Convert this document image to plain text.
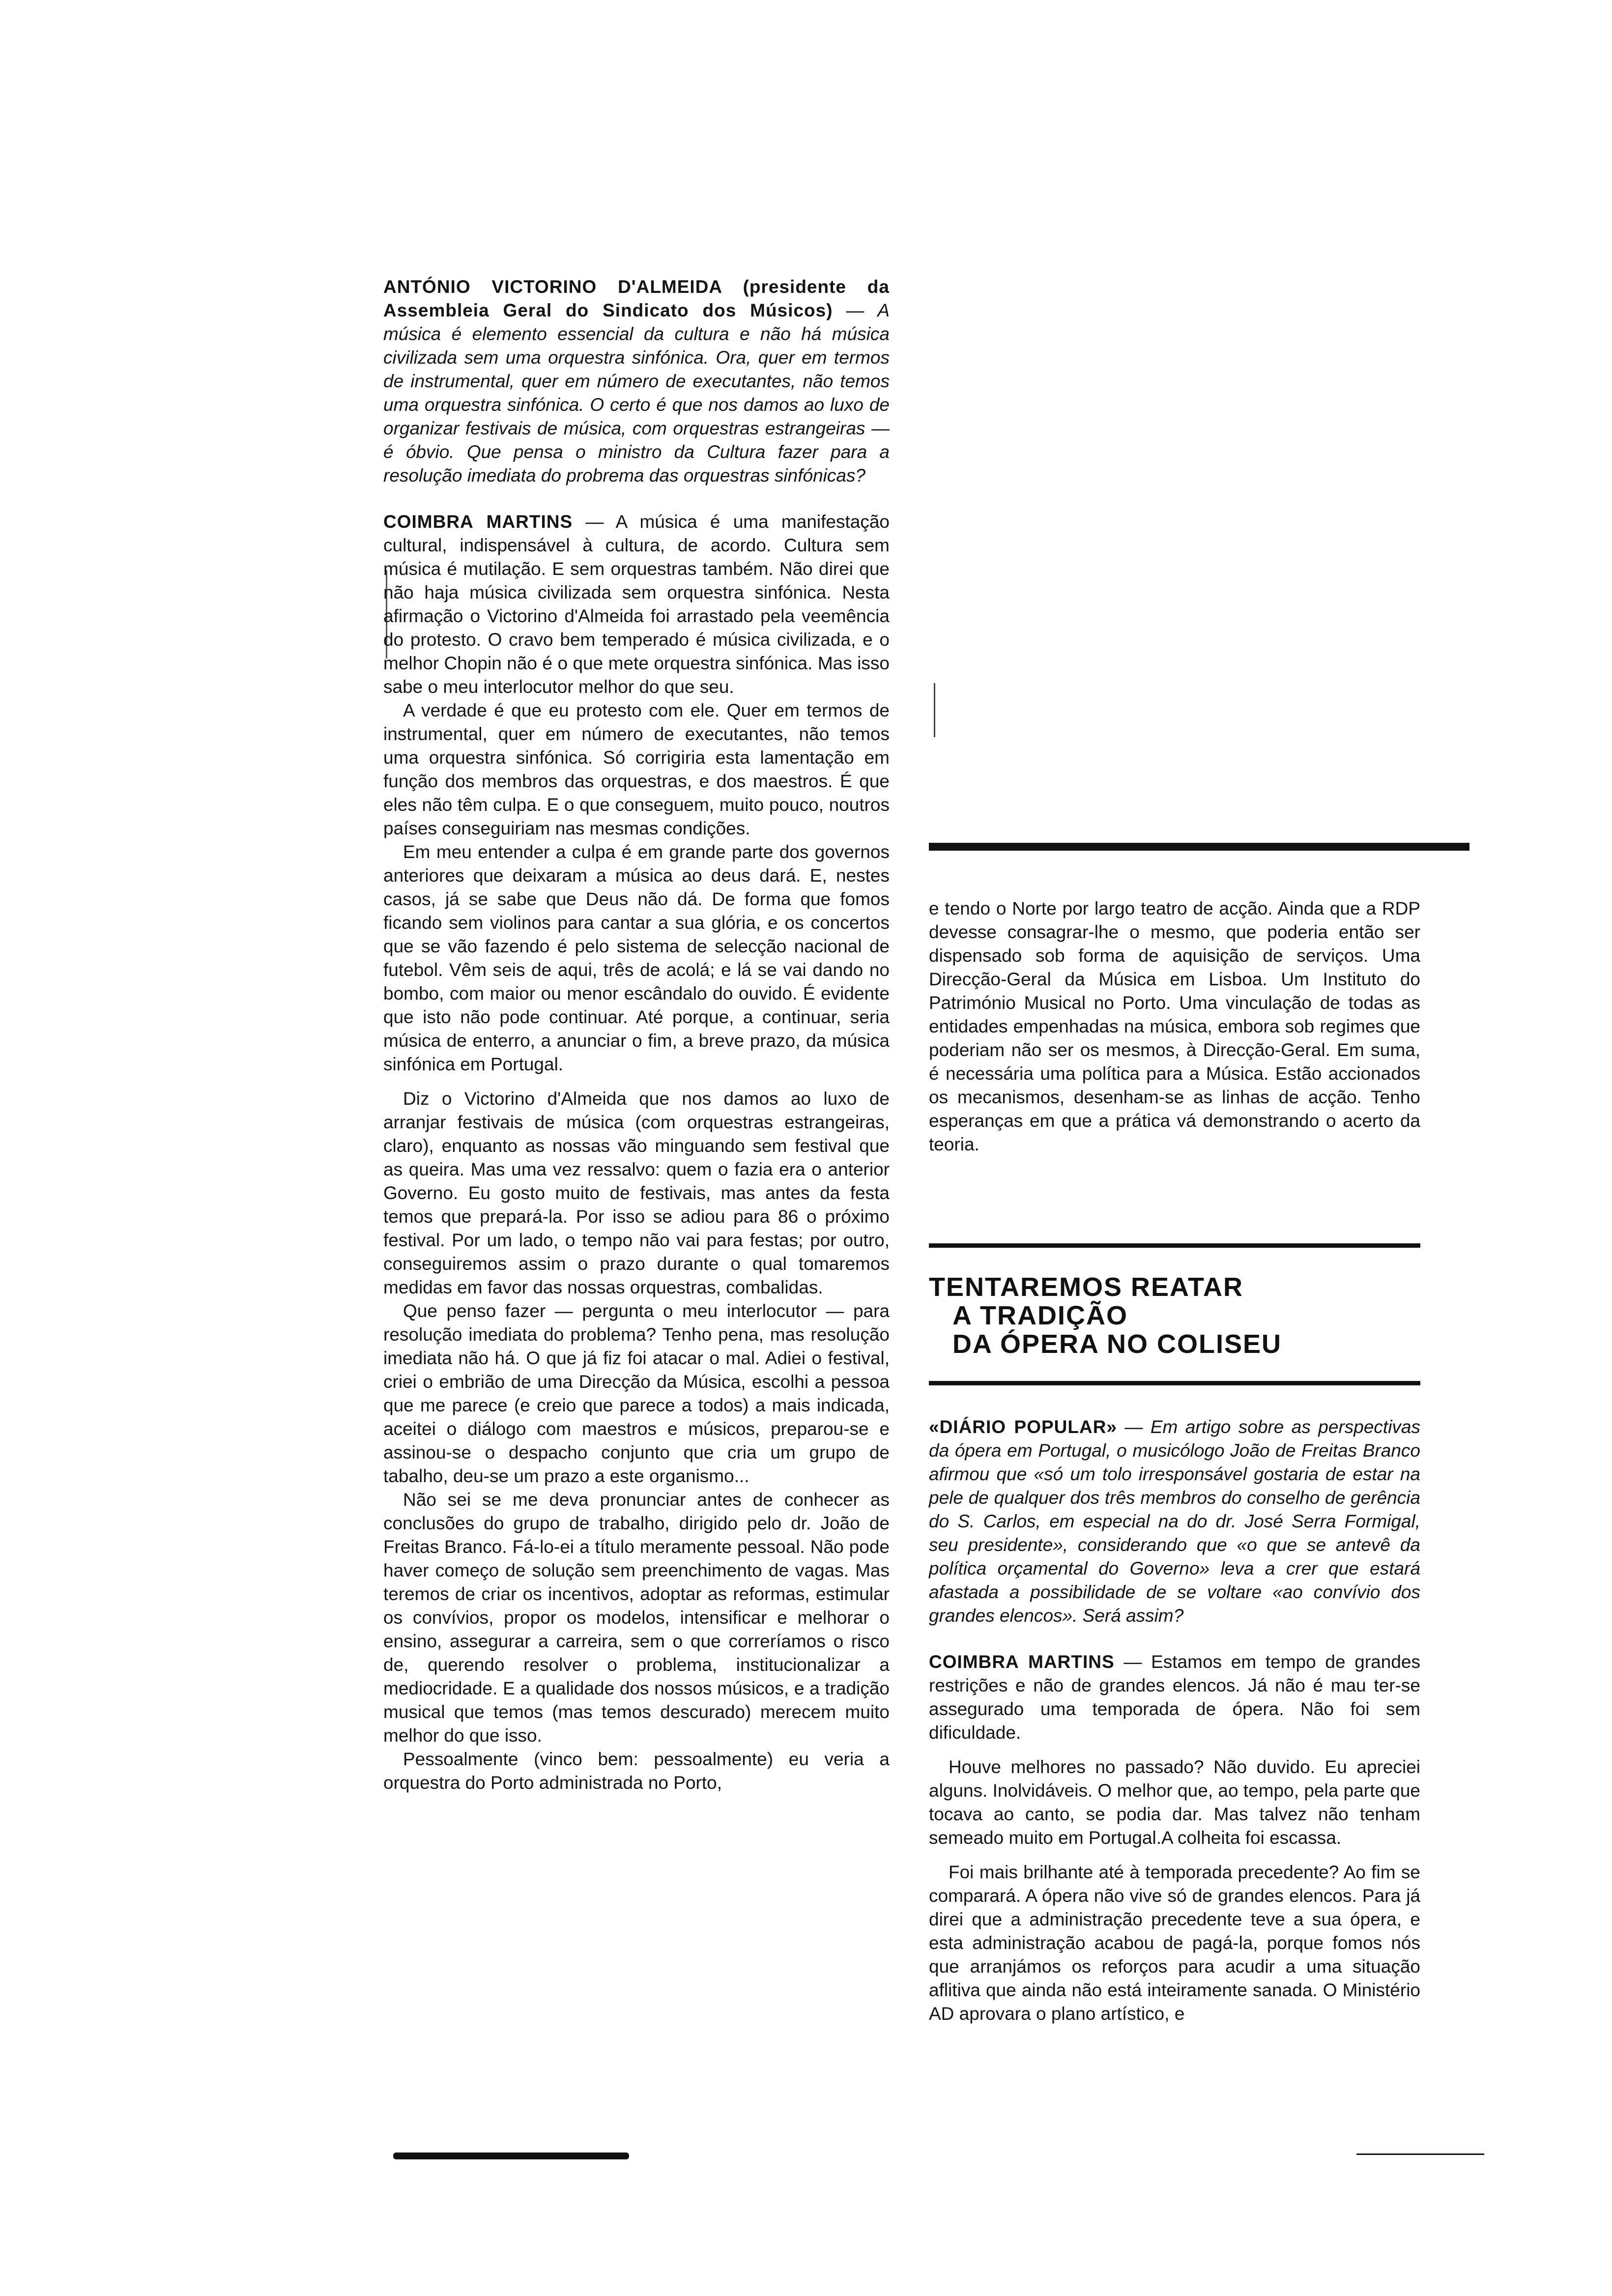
ANTÓNIO VICTORINO D'ALMEIDA (presidente da Assembleia Geral do Sindicato dos Músicos) — A música é elemento essencial da cultura e não há música civilizada sem uma orquestra sinfónica. Ora, quer em termos de instrumental, quer em número de executantes, não temos uma orquestra sinfónica. O certo é que nos damos ao luxo de organizar festivais de música, com orquestras estrangeiras — é óbvio. Que pensa o ministro da Cultura fazer para a resolução imediata do probrema das orquestras sinfónicas?

COIMBRA MARTINS — A música é uma manifestação cultural, indispensável à cultura, de acordo. Cultura sem música é mutilação. E sem orquestras também. Não direi que não haja música civilizada sem orquestra sinfónica. Nesta afirmação o Victorino d'Almeida foi arrastado pela veemência do protesto. O cravo bem temperado é música civilizada, e o melhor Chopin não é o que mete orquestra sinfónica. Mas isso sabe o meu interlocutor melhor do que seu.

A verdade é que eu protesto com ele. Quer em termos de instrumental, quer em número de executantes, não temos uma orquestra sinfónica. Só corrigiria esta lamentação em função dos membros das orquestras, e dos maestros. É que eles não têm culpa. E o que conseguem, muito pouco, noutros países conseguiriam nas mesmas condições.

Em meu entender a culpa é em grande parte dos governos anteriores que deixaram a música ao deus dará. E, nestes casos, já se sabe que Deus não dá. De forma que fomos ficando sem violinos para cantar a sua glória, e os concertos que se vão fazendo é pelo sistema de selecção nacional de futebol. Vêm seis de aqui, três de acolá; e lá se vai dando no bombo, com maior ou menor escândalo do ouvido. É evidente que isto não pode continuar. Até porque, a continuar, seria música de enterro, a anunciar o fim, a breve prazo, da música sinfónica em Portugal.

Diz o Victorino d'Almeida que nos damos ao luxo de arranjar festivais de música (com orquestras estrangeiras, claro), enquanto as nossas vão minguando sem festival que as queira. Mas uma vez ressalvo: quem o fazia era o anterior Governo. Eu gosto muito de festivais, mas antes da festa temos que prepará-la. Por isso se adiou para 86 o próximo festival. Por um lado, o tempo não vai para festas; por outro, conseguiremos assim o prazo durante o qual tomaremos medidas em favor das nossas orquestras, combalidas.

Que penso fazer — pergunta o meu interlocutor — para resolução imediata do problema? Tenho pena, mas resolução imediata não há. O que já fiz foi atacar o mal. Adiei o festival, criei o embrião de uma Direcção da Música, escolhi a pessoa que me parece (e creio que parece a todos) a mais indicada, aceitei o diálogo com maestros e músicos, preparou-se e assinou-se o despacho conjunto que cria um grupo de tabalho, deu-se um prazo a este organismo...

Não sei se me deva pronunciar antes de conhecer as conclusões do grupo de trabalho, dirigido pelo dr. João de Freitas Branco. Fá-lo-ei a título meramente pessoal. Não pode haver começo de solução sem preenchimento de vagas. Mas teremos de criar os incentivos, adoptar as reformas, estimular os convívios, propor os modelos, intensificar e melhorar o ensino, assegurar a carreira, sem o que correríamos o risco de, querendo resolver o problema, institucionalizar a mediocridade. E a qualidade dos nossos músicos, e a tradição musical que temos (mas temos descurado) merecem muito melhor do que isso.

Pessoalmente (vinco bem: pessoalmente) eu veria a orquestra do Porto administrada no Porto,

e tendo o Norte por largo teatro de acção. Ainda que a RDP devesse consagrar-lhe o mesmo, que poderia então ser dispensado sob forma de aquisição de serviços. Uma Direcção-Geral da Música em Lisboa. Um Instituto do Património Musical no Porto. Uma vinculação de todas as entidades empenhadas na música, embora sob regimes que poderiam não ser os mesmos, à Direcção-Geral. Em suma, é necessária uma política para a Música. Estão accionados os mecanismos, desenham-se as linhas de acção. Tenho esperanças em que a prática vá demonstrando o acerto da teoria.

TENTAREMOS REATAR
A TRADIÇÃO
DA ÓPERA NO COLISEU
«DIÁRIO POPULAR» — Em artigo sobre as perspectivas da ópera em Portugal, o musicólogo João de Freitas Branco afirmou que «só um tolo irresponsável gostaria de estar na pele de qualquer dos três membros do conselho de gerência do S. Carlos, em especial na do dr. José Serra Formigal, seu presidente», considerando que «o que se antevê da política orçamental do Governo» leva a crer que estará afastada a possibilidade de se voltare «ao convívio dos grandes elencos». Será assim?

COIMBRA MARTINS — Estamos em tempo de grandes restrições e não de grandes elencos. Já não é mau ter-se assegurado uma temporada de ópera. Não foi sem dificuldade.

Houve melhores no passado? Não duvido. Eu apreciei alguns. Inolvidáveis. O melhor que, ao tempo, pela parte que tocava ao canto, se podia dar. Mas talvez não tenham semeado muito em Portugal.A colheita foi escassa.

Foi mais brilhante até à temporada precedente? Ao fim se comparará. A ópera não vive só de grandes elencos. Para já direi que a administração precedente teve a sua ópera, e esta administração acabou de pagá-la, porque fomos nós que arranjámos os reforços para acudir a uma situação aflitiva que ainda não está inteiramente sanada. O Ministério AD aprovara o plano artístico, e
